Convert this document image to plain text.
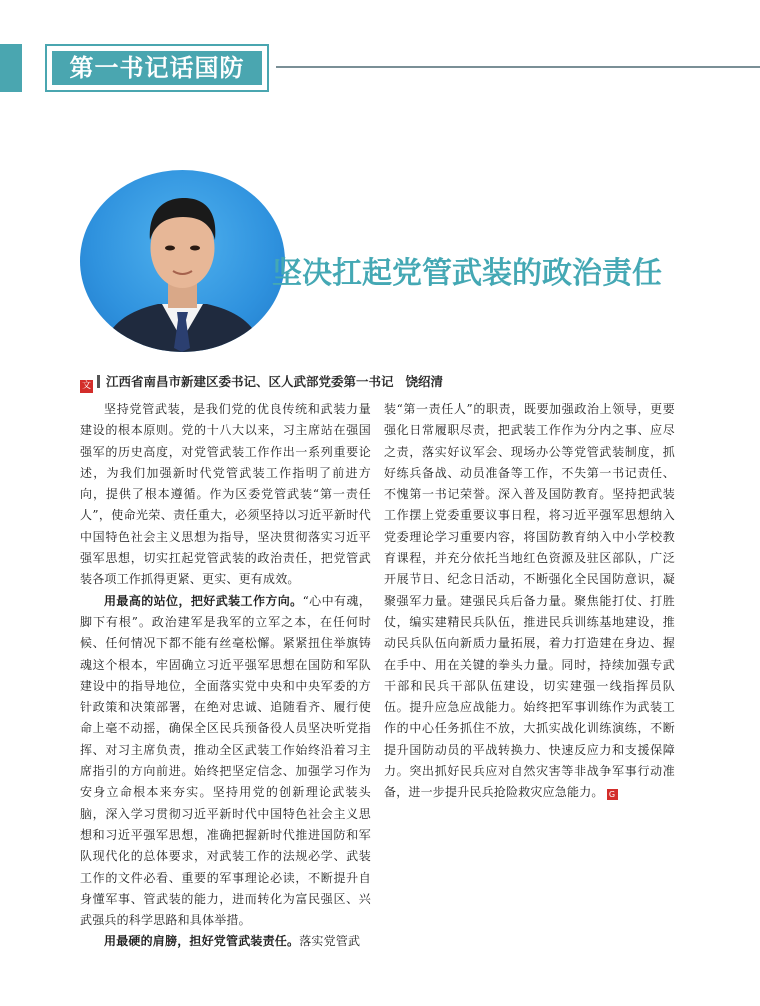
第一书记话国防
坚决扛起党管武装的政治责任
文 江西省南昌市新建区委书记、区人武部党委第一书记 饶绍清

坚持党管武装，是我们党的优良传统和武装力量建设的根本原则。党的十八大以来，习主席站在强国强军的历史高度，对党管武装工作作出一系列重要论述，为我们加强新时代党管武装工作指明了前进方向，提供了根本遵循。作为区委党管武装“第一责任人”，使命光荣、责任重大，必须坚持以习近平新时代中国特色社会主义思想为指导，坚决贯彻落实习近平强军思想，切实扛起党管武装的政治责任，把党管武装各项工作抓得更紧、更实、更有成效。

用最高的站位，把好武装工作方向。“心中有魂，脚下有根”。政治建军是我军的立军之本，在任何时候、任何情况下都不能有丝毫松懈。紧紧扭住举旗铸魂这个根本，牢固确立习近平强军思想在国防和军队建设中的指导地位，全面落实党中央和中央军委的方针政策和决策部署，在绝对忠诚、追随看齐、履行使命上毫不动摇，确保全区民兵预备役人员坚决听党指挥、对习主席负责，推动全区武装工作始终沿着习主席指引的方向前进。始终把坚定信念、加强学习作为安身立命根本来夯实。坚持用党的创新理论武装头脑，深入学习贯彻习近平新时代中国特色社会主义思想和习近平强军思想，准确把握新时代推进国防和军队现代化的总体要求，对武装工作的法规必学、武装工作的文件必看、重要的军事理论必读，不断提升自身懂军事、管武装的能力，进而转化为富民强区、兴武强兵的科学思路和具体举措。

用最硬的肩膀，担好党管武装责任。落实党管武

装“第一责任人”的职责，既要加强政治上领导，更要强化日常履职尽责，把武装工作作为分内之事、应尽之责，落实好议军会、现场办公等党管武装制度，抓好练兵备战、动员准备等工作，不失第一书记责任、不愧第一书记荣誉。深入普及国防教育。坚持把武装工作摆上党委重要议事日程，将习近平强军思想纳入党委理论学习重要内容，将国防教育纳入中小学校教育课程，并充分依托当地红色资源及驻区部队，广泛开展节日、纪念日活动，不断强化全民国防意识，凝聚强军力量。建强民兵后备力量。聚焦能打仗、打胜仗，编实建精民兵队伍，推进民兵训练基地建设，推动民兵队伍向新质力量拓展，着力打造建在身边、握在手中、用在关键的拳头力量。同时，持续加强专武干部和民兵干部队伍建设，切实建强一线指挥员队伍。提升应急应战能力。始终把军事训练作为武装工作的中心任务抓住不放，大抓实战化训练演练，不断提升国防动员的平战转换力、快速反应力和支援保障力。突出抓好民兵应对自然灾害等非战争军事行动准备，进一步提升民兵抢险救灾应急能力。 G
